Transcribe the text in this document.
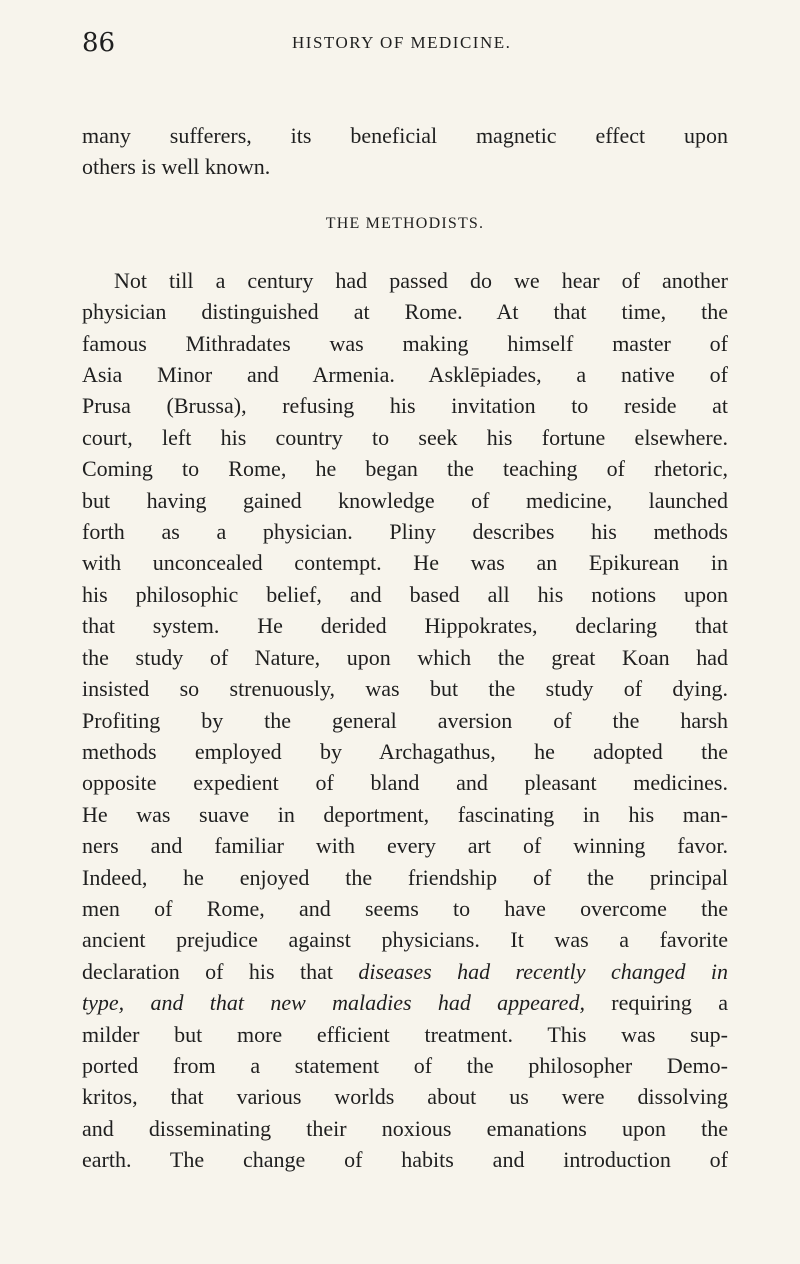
86	HISTORY OF MEDICINE.
many sufferers, its beneficial magnetic effect upon
others is well known.
THE METHODISTS.
Not till a century had passed do we hear of another
physician distinguished at Rome. At that time, the
famous Mithradates was making himself master of
Asia Minor and Armenia. Asklēpiades, a native of
Prusa (Brussa), refusing his invitation to reside at
court, left his country to seek his fortune elsewhere.
Coming to Rome, he began the teaching of rhetoric,
but having gained knowledge of medicine, launched
forth as a physician. Pliny describes his methods
with unconcealed contempt. He was an Epikurean in
his philosophic belief, and based all his notions upon
that system. He derided Hippokrates, declaring that
the study of Nature, upon which the great Koan had
insisted so strenuously, was but the study of dying.
Profiting by the general aversion of the harsh
methods employed by Archagathus, he adopted the
opposite expedient of bland and pleasant medicines.
He was suave in deportment, fascinating in his man-
ners and familiar with every art of winning favor.
Indeed, he enjoyed the friendship of the principal
men of Rome, and seems to have overcome the
ancient prejudice against physicians. It was a favorite
declaration of his that diseases had recently changed in
type, and that new maladies had appeared, requiring a
milder but more efficient treatment. This was sup-
ported from a statement of the philosopher Demo-
kritos, that various worlds about us were dissolving
and disseminating their noxious emanations upon the
earth. The change of habits and introduction of
